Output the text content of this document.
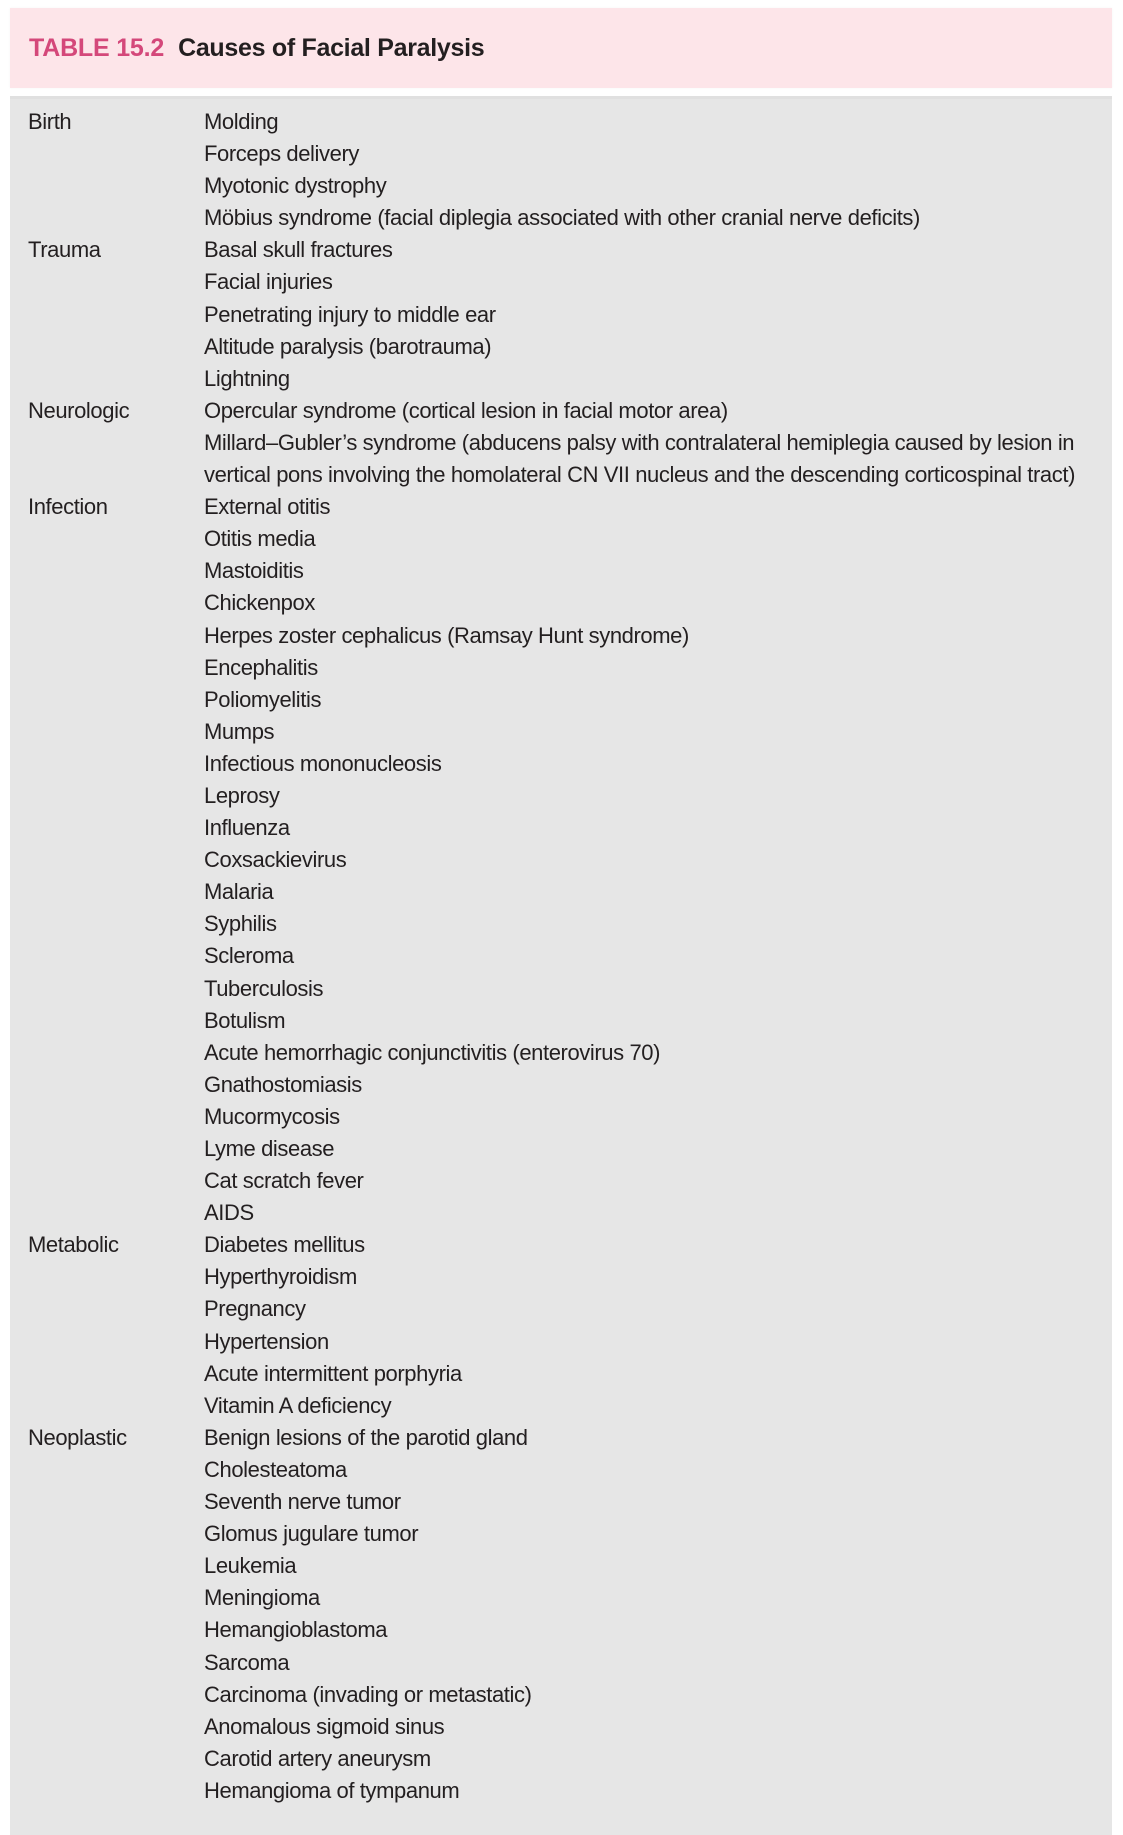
TABLE 15.2 Causes of Facial Paralysis
Birth	Molding
Forceps delivery
Myotonic dystrophy
Möbius syndrome (facial diplegia associated with other cranial nerve deficits)
Trauma	Basal skull fractures
Facial injuries
Penetrating injury to middle ear
Altitude paralysis (barotrauma)
Lightning
Neurologic	Opercular syndrome (cortical lesion in facial motor area)
Millard–Gubler’s syndrome (abducens palsy with contralateral hemiplegia caused by lesion in vertical pons involving the homolateral CN VII nucleus and the descending corticospinal tract)
Infection	External otitis
Otitis media
Mastoiditis
Chickenpox
Herpes zoster cephalicus (Ramsay Hunt syndrome)
Encephalitis
Poliomyelitis
Mumps
Infectious mononucleosis
Leprosy
Influenza
Coxsackievirus
Malaria
Syphilis
Scleroma
Tuberculosis
Botulism
Acute hemorrhagic conjunctivitis (enterovirus 70)
Gnathostomiasis
Mucormycosis
Lyme disease
Cat scratch fever
AIDS
Metabolic	Diabetes mellitus
Hyperthyroidism
Pregnancy
Hypertension
Acute intermittent porphyria
Vitamin A deficiency
Neoplastic	Benign lesions of the parotid gland
Cholesteatoma
Seventh nerve tumor
Glomus jugulare tumor
Leukemia
Meningioma
Hemangioblastoma
Sarcoma
Carcinoma (invading or metastatic)
Anomalous sigmoid sinus
Carotid artery aneurysm
Hemangioma of tympanum
